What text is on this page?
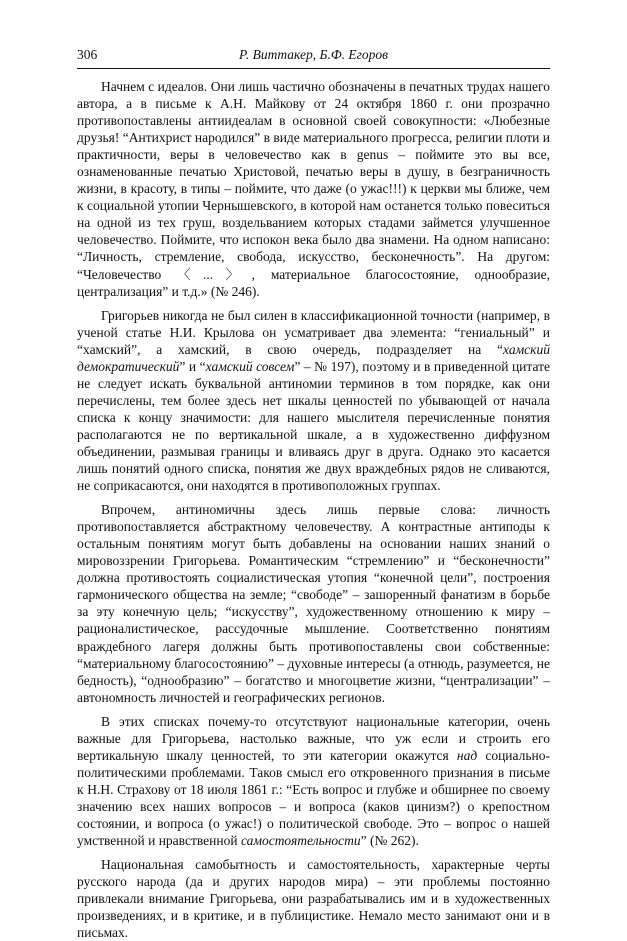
306	Р. Виттакер, Б.Ф. Егоров

Начнем с идеалов. Они лишь частично обозначены в печатных трудах нашего автора, а в письме к А.Н. Майкову от 24 октября 1860 г. они прозрачно противопоставлены антиидеалам в основной своей совокупности: «Любезные друзья! “Антихрист народился” в виде материального прогресса, религии плоти и практичности, веры в человечество как в genus – поймите это вы все, ознаменованные печатью Христовой, печатью веры в душу, в безграничность жизни, в красоту, в типы – поймите, что даже (о ужас!!!) к церкви мы ближе, чем к социальной утопии Чернышевского, в которой нам останется только повеситься на одной из тех груш, воздельванием которых стадами займется улучшенное человечество. Поймите, что испокон века было два знамени. На одном написано: “Личность, стремление, свобода, искусство, бесконечность”. На другом: “Человечество 〈...〉, материальное благосостояние, однообразие, централизация” и т.д.» (№ 246).

Григорьев никогда не был силен в классификационной точности (например, в ученой статье Н.И. Крылова он усматривает два элемента: “гениальный” и “хамский”, а хамский, в свою очередь, подразделяет на “хамский демократический” и “хамский совсем” – № 197), поэтому и в приведенной цитате не следует искать буквальной антиномии терминов в том порядке, как они перечислены, тем более здесь нет шкалы ценностей по убывающей от начала списка к концу значимости: для нашего мыслителя перечисленные понятия располагаются не по вертикальной шкале, а в художественно диффузном объединении, размывая границы и вливаясь друг в друга. Однако это касается лишь понятий одного списка, понятия же двух враждебных рядов не сливаются, не соприкасаются, они находятся в противоположных группах.

Впрочем, антиномичны здесь лишь первые слова: личность противопоставляется абстрактному человечеству. А контрастные антиподы к остальным понятиям могут быть добавлены на основании наших знаний о мировоззрении Григорьева. Романтическим “стремлению” и “бесконечности” должна противостоять социалистическая утопия “конечной цели”, построения гармонического общества на земле; “свободе” – зашоренный фанатизм в борьбе за эту конечную цель; “искусству”, художественному отношению к миру – рационалистическое, рассудочные мышление. Соответственно понятиям враждебного лагеря должны быть противопоставлены свои собственные: “материальному благосостоянию” – духовные интересы (а отнюдь, разумеется, не бедность), “однообразию” – богатство и многоцветие жизни, “централизации” – автономность личностей и географических регионов.

В этих списках почему-то отсутствуют национальные категории, очень важные для Григорьева, настолько важные, что уж если и строить его вертикальную шкалу ценностей, то эти категории окажутся над социально-политическими проблемами. Таков смысл его откровенного признания в письме к Н.Н. Страхову от 18 июля 1861 г.: “Есть вопрос и глубже и обширнее по своему значению всех наших вопросов – и вопроса (каков цинизм?) о крепостном состоянии, и вопроса (о ужас!) о политической свободе. Это – вопрос о нашей умственной и нравственной самостоятельности” (№ 262).

Национальная самобытность и самостоятельность, характерные черты русского народа (да и других народов мира) – эти проблемы постоянно привлекали внимание Григорьева, они разрабатывались им и в художественных произведениях, и в критике, и в публицистике. Немало место занимают они и в письмах.
